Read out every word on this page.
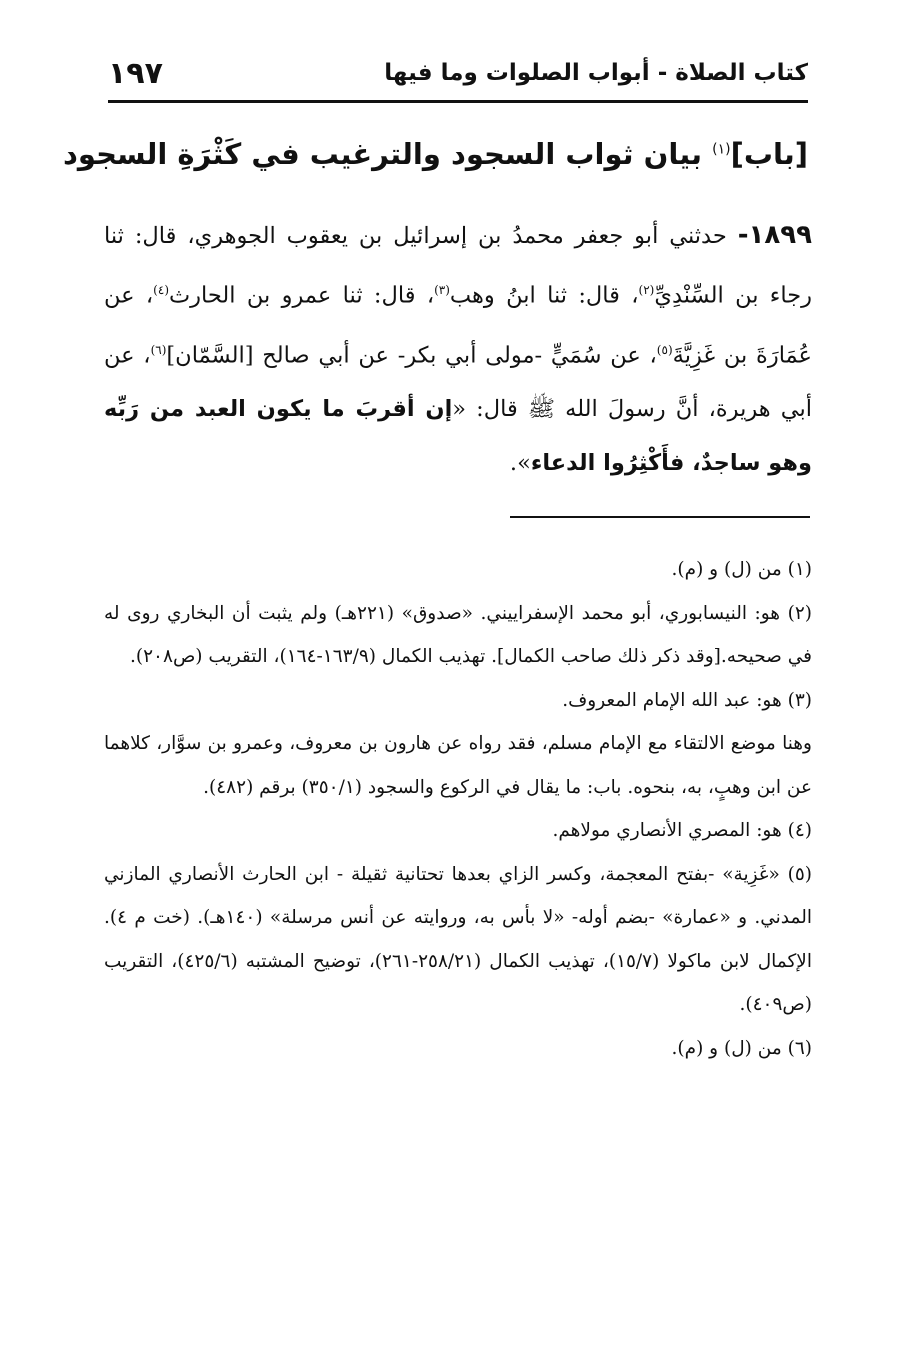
كتاب الصلاة - أبواب الصلوات وما فيها
١٩٧
[باب]$^{(١)}$ بيان ثواب السجود والترغيب في كَثْرَةِ السجود
١٨٩٩- حدثني أبو جعفر محمدُ بن إسرائيل بن يعقوب الجوهري، قال: ثنا رجاء بن السِّنْدِيِّ$^{(٢)}$، قال: ثنا ابنُ وهب$^{(٣)}$، قال: ثنا عمرو بن الحارث$^{(٤)}$، عن عُمَارَةَ بن غَزِيَّةَ$^{(٥)}$، عن سُمَيٍّ -مولى أبي بكر- عن أبي صالح [السَّمّان]$^{(٦)}$، عن أبي هريرة، أنَّ رسولَ الله ﷺ قال: «إن أقربَ ما يكون العبد من رَبِّه وهو ساجدٌ، فأَكْثِرُوا الدعاء».

(١) من (ل) و (م).

(٢) هو: النيسابوري، أبو محمد الإسفراييني. «صدوق» (٢٢١هـ) ولم يثبت أن البخاري روى له في صحيحه.[وقد ذكر ذلك صاحب الكمال]. تهذيب الكمال (١٦٣/٩-١٦٤)، التقريب (ص٢٠٨).

(٣) هو: عبد الله الإمام المعروف.

وهنا موضع الالتقاء مع الإمام مسلم، فقد رواه عن هارون بن معروف، وعمرو بن سوَّار، كلاهما عن ابن وهبٍ، به، بنحوه. باب: ما يقال في الركوع والسجود (٣٥٠/١) برقم (٤٨٢).

(٤) هو: المصري الأنصاري مولاهم.

(٥) «غَزِية» -بفتح المعجمة، وكسر الزاي بعدها تحتانية ثقيلة - ابن الحارث الأنصاري المازني المدني. و «عمارة» -بضم أوله- «لا بأس به، وروايته عن أنس مرسلة» (١٤٠هـ). (خت م ٤). الإكمال لابن ماكولا (١٥/٧)، تهذيب الكمال (٢٥٨/٢١-٢٦١)، توضيح المشتبه (٤٢٥/٦)، التقريب (ص٤٠٩).

(٦) من (ل) و (م).
